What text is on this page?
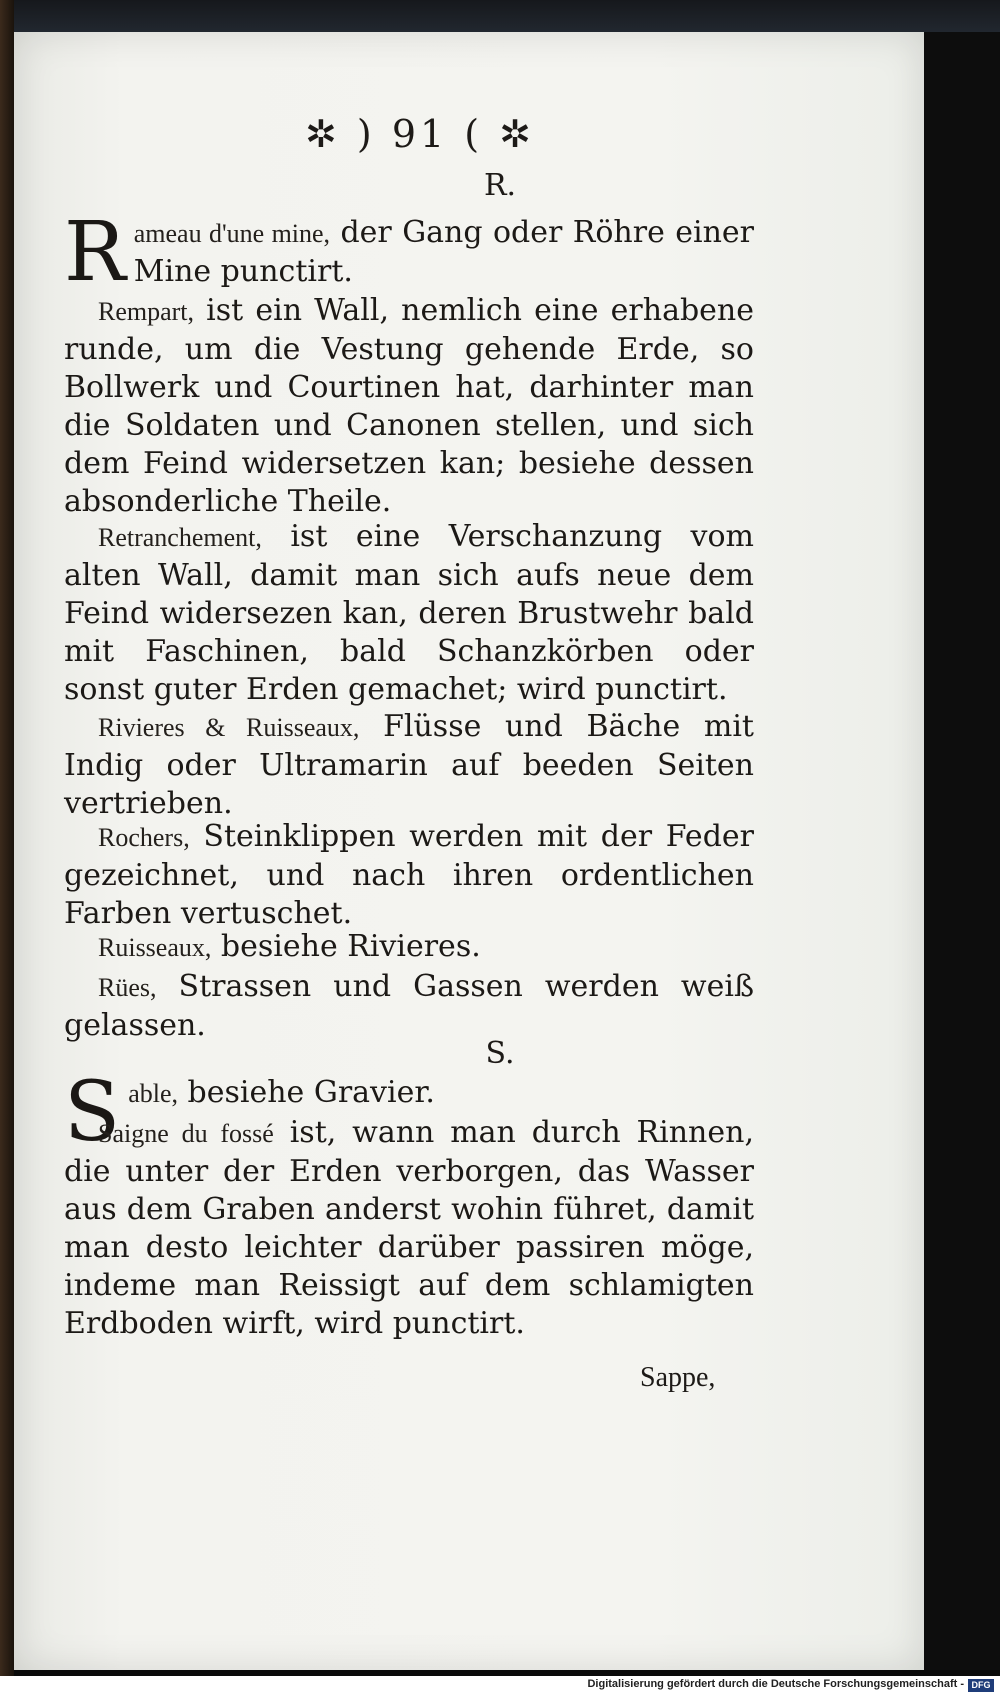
✲ ) 91 ( ✲
R.

R ameau d'une mine, der Gang oder Röhre einer Mine punctirt.

Rempart, ist ein Wall, nemlich eine erhabene runde, um die Vestung gehende Erde, so Bollwerk und Courtinen hat, darhinter man die Soldaten und Canonen stellen, und sich dem Feind widersetzen kan; besiehe dessen absonderliche Theile.

Retranchement, ist eine Verschanzung vom alten Wall, damit man sich aufs neue dem Feind widersezen kan, deren Brustwehr bald mit Faschinen, bald Schanzkörben oder sonst guter Erden gemachet; wird punctirt.

Rivieres & Ruisseaux, Flüsse und Bäche mit Indig oder Ultramarin auf beeden Seiten vertrieben.

Rochers, Steinklippen werden mit der Feder gezeichnet, und nach ihren ordentlichen Farben vertuschet.

Ruisseaux, besiehe Rivieres.

Rües, Strassen und Gassen werden weiß gelassen.

S.

S able, besiehe Gravier.

Saigne du fossé ist, wann man durch Rinnen, die unter der Erden verborgen, das Wasser aus dem Graben anderst wohin führet, damit man desto leichter darüber passiren möge, indeme man Reissigt auf dem schlamigten Erdboden wirft, wird punctirt.

Sappe,
Digitalisierung gefördert durch die Deutsche Forschungsgemeinschaft - DFG
